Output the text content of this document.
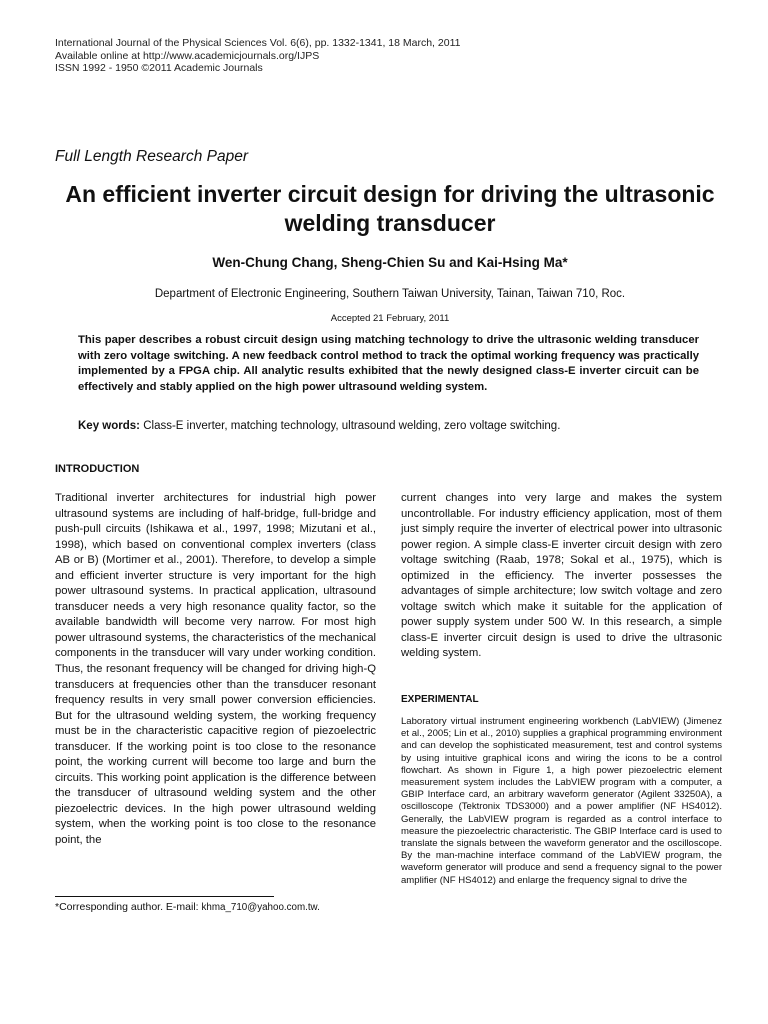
International Journal of the Physical Sciences Vol. 6(6), pp. 1332-1341, 18 March, 2011
Available online at http://www.academicjournals.org/IJPS
ISSN 1992 - 1950 ©2011 Academic Journals
Full Length Research Paper
An efficient inverter circuit design for driving the ultrasonic welding transducer
Wen-Chung Chang, Sheng-Chien Su and Kai-Hsing Ma*
Department of Electronic Engineering, Southern Taiwan University, Tainan, Taiwan 710, Roc.
Accepted 21 February, 2011
This paper describes a robust circuit design using matching technology to drive the ultrasonic welding transducer with zero voltage switching. A new feedback control method to track the optimal working frequency was practically implemented by a FPGA chip. All analytic results exhibited that the newly designed class-E inverter circuit can be effectively and stably applied on the high power ultrasound welding system.
Key words: Class-E inverter, matching technology, ultrasound welding, zero voltage switching.
INTRODUCTION
Traditional inverter architectures for industrial high power ultrasound systems are including of half-bridge, full-bridge and push-pull circuits (Ishikawa et al., 1997, 1998; Mizutani et al., 1998), which based on conventional complex inverters (class AB or B) (Mortimer et al., 2001). Therefore, to develop a simple and efficient inverter structure is very important for the high power ultrasound systems. In practical application, ultrasound transducer needs a very high resonance quality factor, so the available bandwidth will become very narrow. For most high power ultrasound systems, the characteristics of the mechanical components in the transducer will vary under working condition. Thus, the resonant frequency will be changed for driving high-Q transducers at frequencies other than the transducer resonant frequency results in very small power conversion efficiencies. But for the ultrasound welding system, the working frequency must be in the characteristic capacitive region of piezoelectric transducer. If the working point is too close to the resonance point, the working current will become too large and burn the circuits. This working point application is the difference between the transducer of ultrasound welding system and the other piezoelectric devices. In the high power ultrasound welding system, when the working point is too close to the resonance point, the
current changes into very large and makes the system uncontrollable. For industry efficiency application, most of them just simply require the inverter of electrical power into ultrasonic power region. A simple class-E inverter circuit design with zero voltage switching (Raab, 1978; Sokal et al., 1975), which is optimized in the efficiency. The inverter possesses the advantages of simple architecture; low switch voltage and zero voltage switch which make it suitable for the application of power supply system under 500 W. In this research, a simple class-E inverter circuit design is used to drive the ultrasonic welding system.
EXPERIMENTAL
Laboratory virtual instrument engineering workbench (LabVIEW) (Jimenez et al., 2005; Lin et al., 2010) supplies a graphical programming environment and can develop the sophisticated measurement, test and control systems by using intuitive graphical icons and wiring the icons to be a control flowchart. As shown in Figure 1, a high power piezoelectric element measurement system includes the LabVIEW program with a computer, a GBIP Interface card, an arbitrary waveform generator (Agilent 33250A), a oscilloscope (Tektronix TDS3000) and a power amplifier (NF HS4012). Generally, the LabVIEW program is regarded as a control interface to measure the piezoelectric characteristic. The GBIP Interface card is used to translate the signals between the waveform generator and the oscilloscope. By the man-machine interface command of the LabVIEW program, the waveform generator will produce and send a frequency signal to the power amplifier (NF HS4012) and enlarge the frequency signal to drive the
*Corresponding author. E-mail: khma_710@yahoo.com.tw.
